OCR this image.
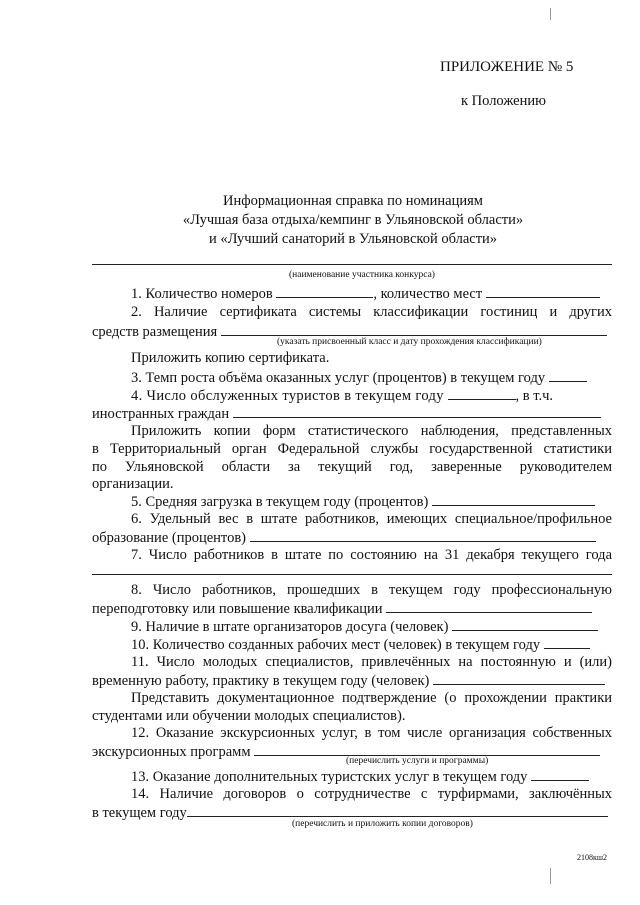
ПРИЛОЖЕНИЕ № 5
к Положению
Информационная справка по номинациям
«Лучшая база отдыха/кемпинг в Ульяновской области»
и «Лучший санаторий в Ульяновской области»
(наименование участника конкурса)
1. Количество номеров	, количество мест
2. Наличие сертификата системы классификации гостиниц и других
средств размещения
(указать присвоенный класс и дату прохождения классификации)
Приложить копию сертификата.
3. Темп роста объёма оказанных услуг (процентов) в текущем году
4. Число обслуженных туристов в текущем году	, в т.ч.
иностранных граждан
Приложить копии форм статистического наблюдения, представленных
в Территориальный орган Федеральной службы государственной статистики
по Ульяновской области за текущий год, заверенные руководителем
организации.
5. Средняя загрузка в текущем году (процентов)
6. Удельный вес в штате работников, имеющих специальное/профильное
образование (процентов)
7. Число работников в штате по состоянию на 31 декабря текущего года
8. Число работников, прошедших в текущем году профессиональную
переподготовку или повышение квалификации
9. Наличие в штате организаторов досуга (человек)
10. Количество созданных рабочих мест (человек) в текущем году
11. Число молодых специалистов, привлечённых на постоянную и (или)
временную работу, практику в текущем году (человек)
Представить документационное подтверждение (о прохождении практики
студентами или обучении молодых специалистов).
12. Оказание экскурсионных услуг, в том числе организация собственных
экскурсионных программ
(перечислить услуги и программы)
13. Оказание дополнительных туристских услуг в текущем году
14. Наличие договоров о сотрудничестве с турфирмами, заключённых
в текущем году
(перечислить и приложить копии договоров)
2108кш2
